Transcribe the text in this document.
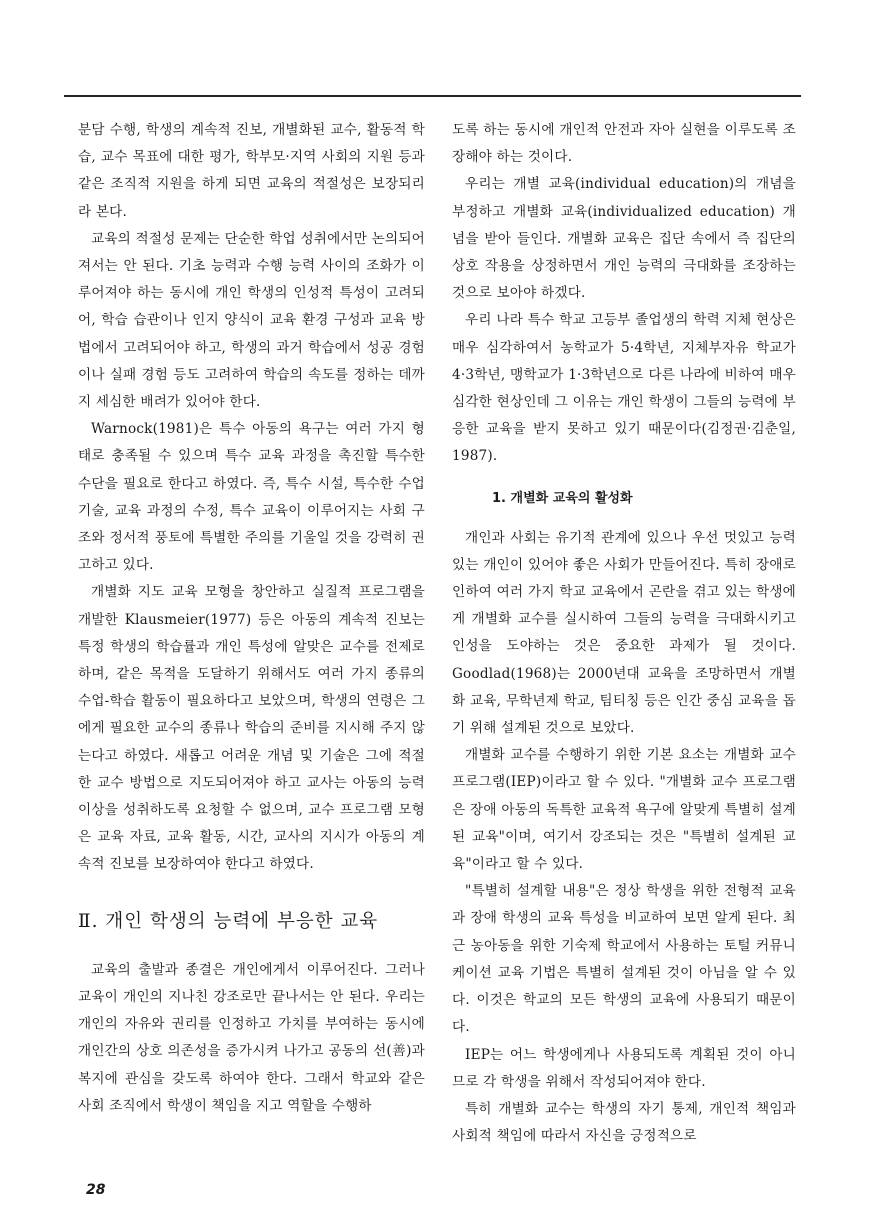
분담 수행, 학생의 계속적 진보, 개별화된 교수, 활동적 학습, 교수 목표에 대한 평가, 학부모·지역 사회의 지원 등과 같은 조직적 지원을 하게 되면 교육의 적절성은 보장되리라 본다.

교육의 적절성 문제는 단순한 학업 성취에서만 논의되어져서는 안 된다. 기초 능력과 수행 능력 사이의 조화가 이루어져야 하는 동시에 개인 학생의 인성적 특성이 고려되어, 학습 습관이나 인지 양식이 교육 환경 구성과 교육 방법에서 고려되어야 하고, 학생의 과거 학습에서 성공 경험이나 실패 경험 등도 고려하여 학습의 속도를 정하는 데까지 세심한 배려가 있어야 한다.

Warnock(1981)은 특수 아동의 욕구는 여러 가지 형태로 충족될 수 있으며 특수 교육 과정을 촉진할 특수한 수단을 필요로 한다고 하였다. 즉, 특수 시설, 특수한 수업 기술, 교육 과정의 수정, 특수 교육이 이루어지는 사회 구조와 정서적 풍토에 특별한 주의를 기울일 것을 강력히 권고하고 있다.

개별화 지도 교육 모형을 창안하고 실질적 프로그램을 개발한 Klausmeier(1977) 등은 아동의 계속적 진보는 특정 학생의 학습률과 개인 특성에 알맞은 교수를 전제로 하며, 같은 목적을 도달하기 위해서도 여러 가지 종류의 수업-학습 활동이 필요하다고 보았으며, 학생의 연령은 그에게 필요한 교수의 종류나 학습의 준비를 지시해 주지 않는다고 하였다. 새롭고 어려운 개념 및 기술은 그에 적절한 교수 방법으로 지도되어져야 하고 교사는 아동의 능력 이상을 성취하도록 요청할 수 없으며, 교수 프로그램 모형은 교육 자료, 교육 활동, 시간, 교사의 지시가 아동의 계속적 진보를 보장하여야 한다고 하였다.

Ⅱ. 개인 학생의 능력에 부응한 교육

교육의 출발과 종결은 개인에게서 이루어진다. 그러나 교육이 개인의 지나친 강조로만 끝나서는 안 된다. 우리는 개인의 자유와 권리를 인정하고 가치를 부여하는 동시에 개인간의 상호 의존성을 증가시켜 나가고 공동의 선(善)과 복지에 관심을 갖도록 하여야 한다. 그래서 학교와 같은 사회 조직에서 학생이 책임을 지고 역할을 수행하

도록 하는 동시에 개인적 안전과 자아 실현을 이루도록 조장해야 하는 것이다.

우리는 개별 교육(individual education)의 개념을 부정하고 개별화 교육(individualized education) 개념을 받아 들인다. 개별화 교육은 집단 속에서 즉 집단의 상호 작용을 상정하면서 개인 능력의 극대화를 조장하는 것으로 보아야 하겠다.

우리 나라 특수 학교 고등부 졸업생의 학력 지체 현상은 매우 심각하여서 농학교가 5·4학년, 지체부자유 학교가 4·3학년, 맹학교가 1·3학년으로 다른 나라에 비하여 매우 심각한 현상인데 그 이유는 개인 학생이 그들의 능력에 부응한 교육을 받지 못하고 있기 때문이다(김정권·김춘일, 1987).

1. 개별화 교육의 활성화

개인과 사회는 유기적 관계에 있으나 우선 멋있고 능력있는 개인이 있어야 좋은 사회가 만들어진다. 특히 장애로 인하여 여러 가지 학교 교육에서 곤란을 겪고 있는 학생에게 개별화 교수를 실시하여 그들의 능력을 극대화시키고 인성을 도야하는 것은 중요한 과제가 될 것이다. Goodlad(1968)는 2000년대 교육을 조망하면서 개별화 교육, 무학년제 학교, 팀티칭 등은 인간 중심 교육을 돕기 위해 설계된 것으로 보았다.

개별화 교수를 수행하기 위한 기본 요소는 개별화 교수 프로그램(IEP)이라고 할 수 있다. "개별화 교수 프로그램은 장애 아동의 독특한 교육적 욕구에 알맞게 특별히 설계된 교육"이며, 여기서 강조되는 것은 "특별히 설계된 교육"이라고 할 수 있다.

"특별히 설계할 내용"은 정상 학생을 위한 전형적 교육과 장애 학생의 교육 특성을 비교하여 보면 알게 된다. 최근 농아동을 위한 기숙제 학교에서 사용하는 토털 커뮤니케이션 교육 기법은 특별히 설계된 것이 아님을 알 수 있다. 이것은 학교의 모든 학생의 교육에 사용되기 때문이다.

IEP는 어느 학생에게나 사용되도록 계획된 것이 아니므로 각 학생을 위해서 작성되어져야 한다.

특히 개별화 교수는 학생의 자기 통제, 개인적 책임과 사회적 책임에 따라서 자신을 긍정적으로

28
